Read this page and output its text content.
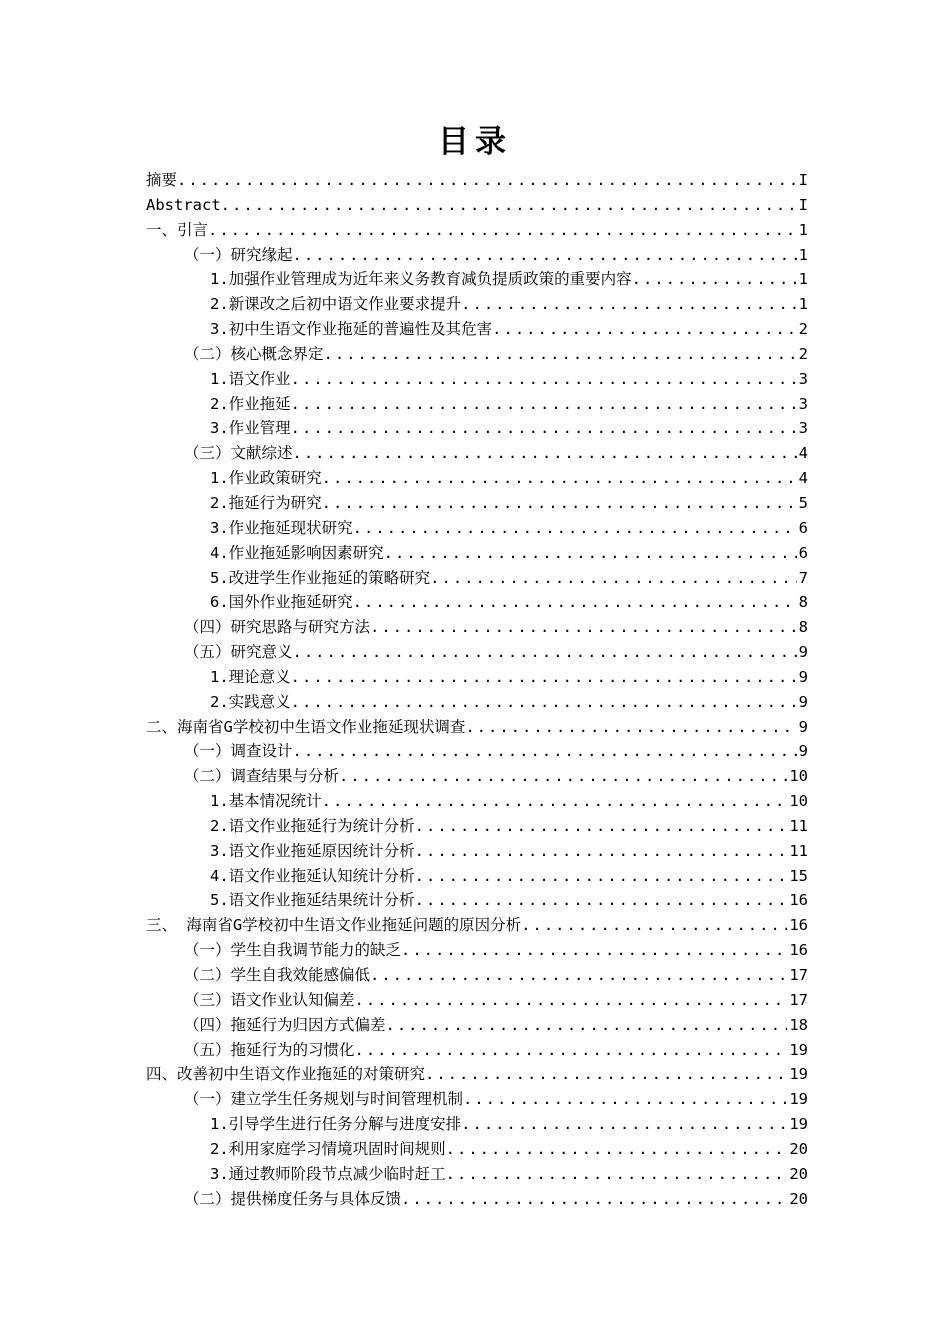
目录
摘要 .....	I
Abstract .....	I
一、引言 .....	1
（一）研究缘起 .....	1
1.加强作业管理成为近年来义务教育减负提质政策的重要内容 .....	1
2.新课改之后初中语文作业要求提升 .....	1
3.初中生语文作业拖延的普遍性及其危害 .....	2
（二）核心概念界定 .....	2
1.语文作业 .....	3
2.作业拖延 .....	3
3.作业管理 .....	3
（三）文献综述 .....	4
1.作业政策研究 .....	4
2.拖延行为研究 .....	5
3.作业拖延现状研究 .....	6
4.作业拖延影响因素研究 .....	6
5.改进学生作业拖延的策略研究 .....	7
6.国外作业拖延研究 .....	8
（四）研究思路与研究方法 .....	8
（五）研究意义 .....	9
1.理论意义 .....	9
2.实践意义 .....	9
二、海南省G学校初中生语文作业拖延现状调查 .....	9
（一）调查设计 .....	9
（二）调查结果与分析 .....	10
1.基本情况统计 .....	10
2.语文作业拖延行为统计分析 .....	11
3.语文作业拖延原因统计分析 .....	11
4.语文作业拖延认知统计分析 .....	15
5.语文作业拖延结果统计分析 .....	16
三、 海南省G学校初中生语文作业拖延问题的原因分析 .....	16
（一）学生自我调节能力的缺乏 .....	16
（二）学生自我效能感偏低 .....	17
（三）语文作业认知偏差 .....	17
（四）拖延行为归因方式偏差 .....	18
（五）拖延行为的习惯化 .....	19
四、改善初中生语文作业拖延的对策研究 .....	19
（一）建立学生任务规划与时间管理机制 .....	19
1.引导学生进行任务分解与进度安排 .....	19
2.利用家庭学习情境巩固时间规则 .....	20
3.通过教师阶段节点减少临时赶工 .....	20
（二）提供梯度任务与具体反馈 .....	20
